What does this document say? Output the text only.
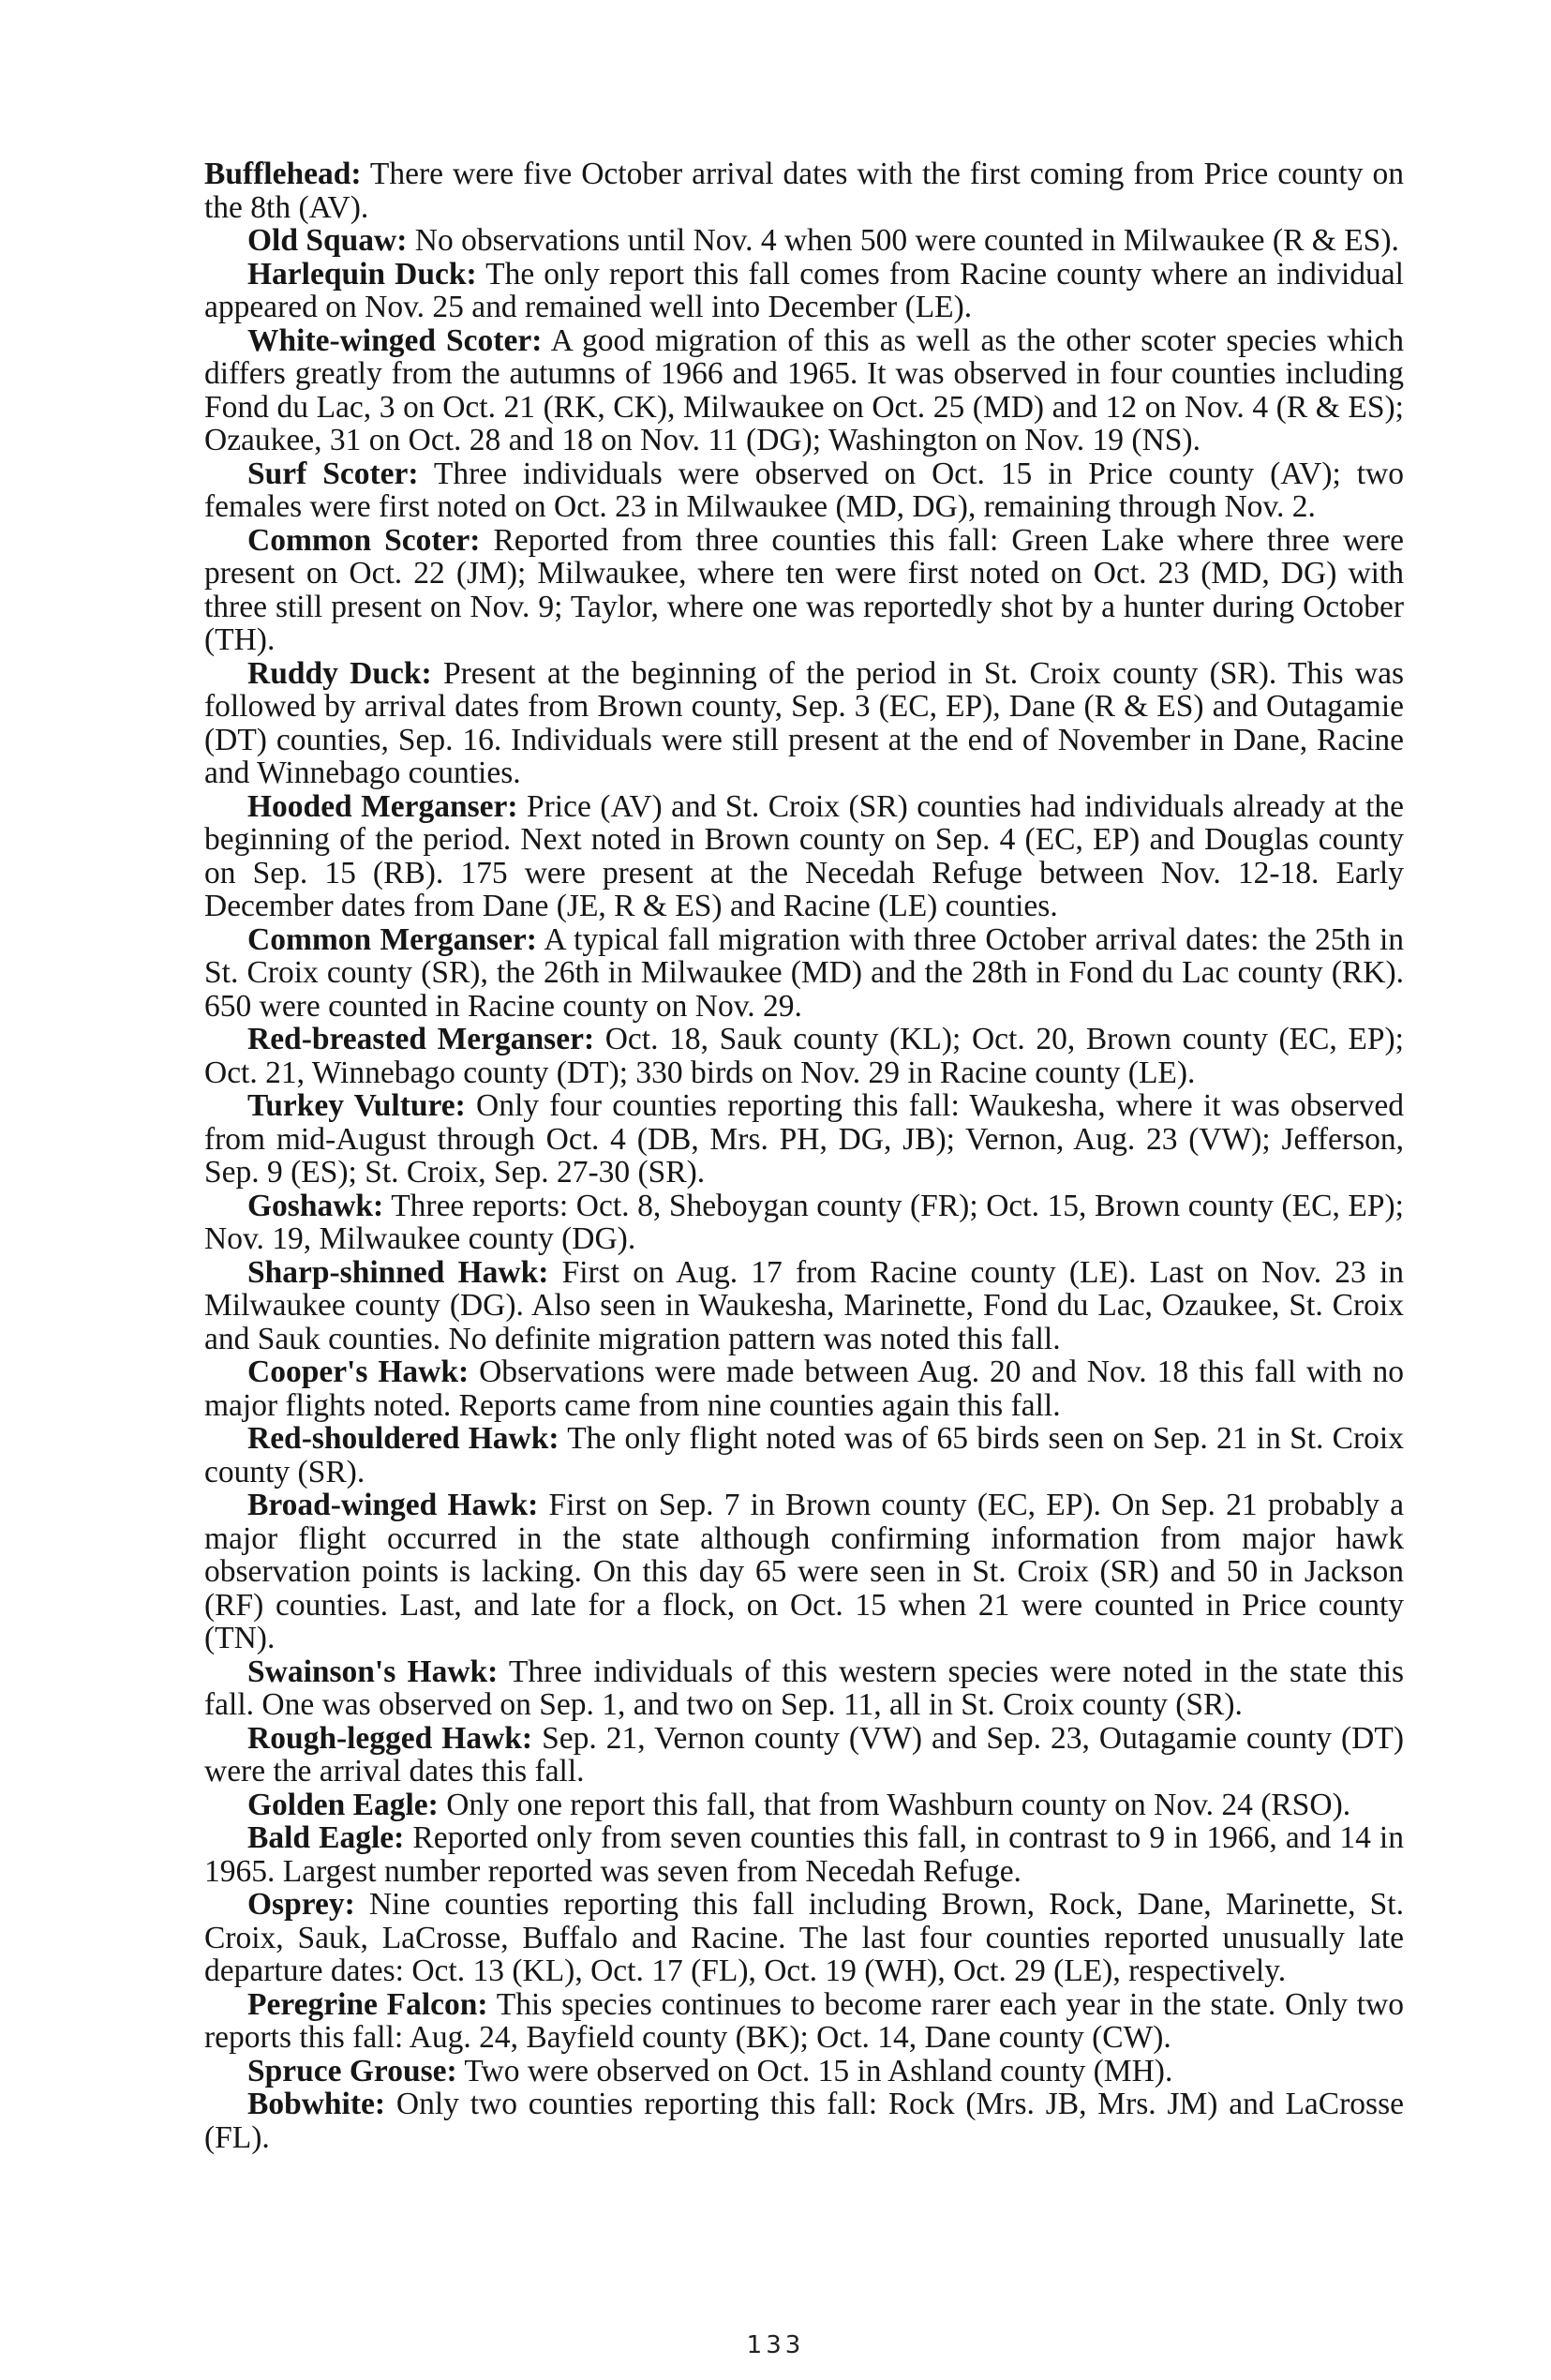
Bufflehead: There were five October arrival dates with the first coming from Price county on the 8th (AV).

Old Squaw: No observations until Nov. 4 when 500 were counted in Milwaukee (R & ES).

Harlequin Duck: The only report this fall comes from Racine county where an individual appeared on Nov. 25 and remained well into December (LE).

White-winged Scoter: A good migration of this as well as the other scoter species which differs greatly from the autumns of 1966 and 1965. It was observed in four counties including Fond du Lac, 3 on Oct. 21 (RK, CK), Milwaukee on Oct. 25 (MD) and 12 on Nov. 4 (R & ES); Ozaukee, 31 on Oct. 28 and 18 on Nov. 11 (DG); Washington on Nov. 19 (NS).

Surf Scoter: Three individuals were observed on Oct. 15 in Price county (AV); two females were first noted on Oct. 23 in Milwaukee (MD, DG), remaining through Nov. 2.

Common Scoter: Reported from three counties this fall: Green Lake where three were present on Oct. 22 (JM); Milwaukee, where ten were first noted on Oct. 23 (MD, DG) with three still present on Nov. 9; Taylor, where one was reportedly shot by a hunter during October (TH).

Ruddy Duck: Present at the beginning of the period in St. Croix county (SR). This was followed by arrival dates from Brown county, Sep. 3 (EC, EP), Dane (R & ES) and Outagamie (DT) counties, Sep. 16. Individuals were still present at the end of November in Dane, Racine and Winnebago counties.

Hooded Merganser: Price (AV) and St. Croix (SR) counties had individuals already at the beginning of the period. Next noted in Brown county on Sep. 4 (EC, EP) and Douglas county on Sep. 15 (RB). 175 were present at the Necedah Refuge between Nov. 12-18. Early December dates from Dane (JE, R & ES) and Racine (LE) counties.

Common Merganser: A typical fall migration with three October arrival dates: the 25th in St. Croix county (SR), the 26th in Milwaukee (MD) and the 28th in Fond du Lac county (RK). 650 were counted in Racine county on Nov. 29.

Red-breasted Merganser: Oct. 18, Sauk county (KL); Oct. 20, Brown county (EC, EP); Oct. 21, Winnebago county (DT); 330 birds on Nov. 29 in Racine county (LE).

Turkey Vulture: Only four counties reporting this fall: Waukesha, where it was observed from mid-August through Oct. 4 (DB, Mrs. PH, DG, JB); Vernon, Aug. 23 (VW); Jefferson, Sep. 9 (ES); St. Croix, Sep. 27-30 (SR).

Goshawk: Three reports: Oct. 8, Sheboygan county (FR); Oct. 15, Brown county (EC, EP); Nov. 19, Milwaukee county (DG).

Sharp-shinned Hawk: First on Aug. 17 from Racine county (LE). Last on Nov. 23 in Milwaukee county (DG). Also seen in Waukesha, Marinette, Fond du Lac, Ozaukee, St. Croix and Sauk counties. No definite migration pattern was noted this fall.

Cooper's Hawk: Observations were made between Aug. 20 and Nov. 18 this fall with no major flights noted. Reports came from nine counties again this fall.

Red-shouldered Hawk: The only flight noted was of 65 birds seen on Sep. 21 in St. Croix county (SR).

Broad-winged Hawk: First on Sep. 7 in Brown county (EC, EP). On Sep. 21 probably a major flight occurred in the state although confirming information from major hawk observation points is lacking. On this day 65 were seen in St. Croix (SR) and 50 in Jackson (RF) counties. Last, and late for a flock, on Oct. 15 when 21 were counted in Price county (TN).

Swainson's Hawk: Three individuals of this western species were noted in the state this fall. One was observed on Sep. 1, and two on Sep. 11, all in St. Croix county (SR).

Rough-legged Hawk: Sep. 21, Vernon county (VW) and Sep. 23, Outagamie county (DT) were the arrival dates this fall.

Golden Eagle: Only one report this fall, that from Washburn county on Nov. 24 (RSO).

Bald Eagle: Reported only from seven counties this fall, in contrast to 9 in 1966, and 14 in 1965. Largest number reported was seven from Necedah Refuge.

Osprey: Nine counties reporting this fall including Brown, Rock, Dane, Marinette, St. Croix, Sauk, LaCrosse, Buffalo and Racine. The last four counties reported unusually late departure dates: Oct. 13 (KL), Oct. 17 (FL), Oct. 19 (WH), Oct. 29 (LE), respectively.

Peregrine Falcon: This species continues to become rarer each year in the state. Only two reports this fall: Aug. 24, Bayfield county (BK); Oct. 14, Dane county (CW).

Spruce Grouse: Two were observed on Oct. 15 in Ashland county (MH).

Bobwhite: Only two counties reporting this fall: Rock (Mrs. JB, Mrs. JM) and LaCrosse (FL).

133
